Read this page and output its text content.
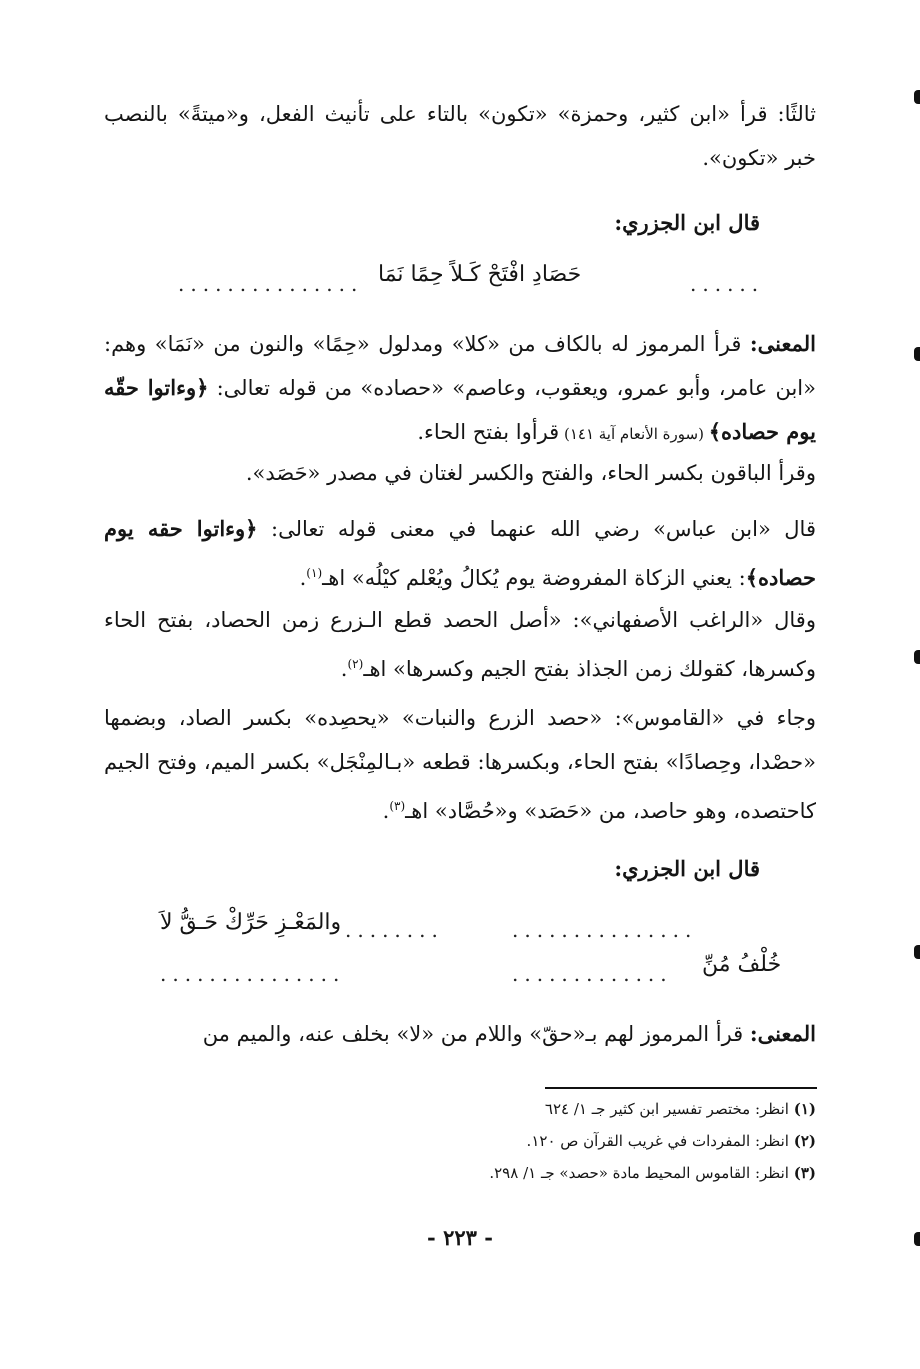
ثالثًا: قرأ «ابن كثير، وحمزة» «تكون» بالتاء على تأنيث الفعل، و«ميتةً» بالنصب خبر «تكون».
قال ابن الجزري:
............... حَصَادِ افْتَحْ كَـلاً حِمًا نَمَا	......
المعنى: قرأ المرموز له بالكاف من «كلا» ومدلول «حِمًا» والنون من «نَمَا» وهم: «ابن عامر، وأبو عمرو، ويعقوب، وعاصم» «حصاده» من قوله تعالى: ﴿وءاتوا حقّه يوم حصاده﴾ (سورة الأنعام آية ١٤١) قرأوا بفتح الحاء.
وقرأ الباقون بكسر الحاء، والفتح والكسر لغتان في مصدر «حَصَد».
قال «ابن عباس» رضي الله عنهما في معنى قوله تعالى: ﴿وءاتوا حقه يوم حصاده﴾: يعني الزكاة المفروضة يوم يُكالُ ويُعْلم كيْلُه» اهـ$^{(١)}$.
وقال «الراغب الأصفهاني»: «أصل الحصد قطع الـزرع زمن الحصاد، بفتح الحاء وكسرها، كقولك زمن الجذاذ بفتح الجيم وكسرها» اهـ$^{(٢)}$.
وجاء في «القاموس»: «حصد الزرع والنبات» «يحصِده» بكسر الصاد، وبضمها «حصْدا، وحِصادًا» بفتح الحاء، وبكسرها: قطعه «بـالمِنْجَل» بكسر الميم، وفتح الجيم كاحتصده، وهو حاصد، من «حَصَد» و«حُصَّاد» اهـ$^{(٣)}$.
قال ابن الجزري:
والمَعْـزِ حَرِّكْ حَـقُّ لاَ ........	...............
...............	............. خُلْفُ مُنِّ
المعنى: قرأ المرموز لهم بـ«حقّ» واللام من «لا» بخلف عنه، والميم من
(١) انظر: مختصر تفسير ابن كثير جـ ١/ ٦٢٤
(٢) انظر: المفردات في غريب القرآن ص ١٢٠.
(٣) انظر: القاموس المحيط مادة «حصد» جـ ١/ ٢٩٨.
- ٢٢٣ -
